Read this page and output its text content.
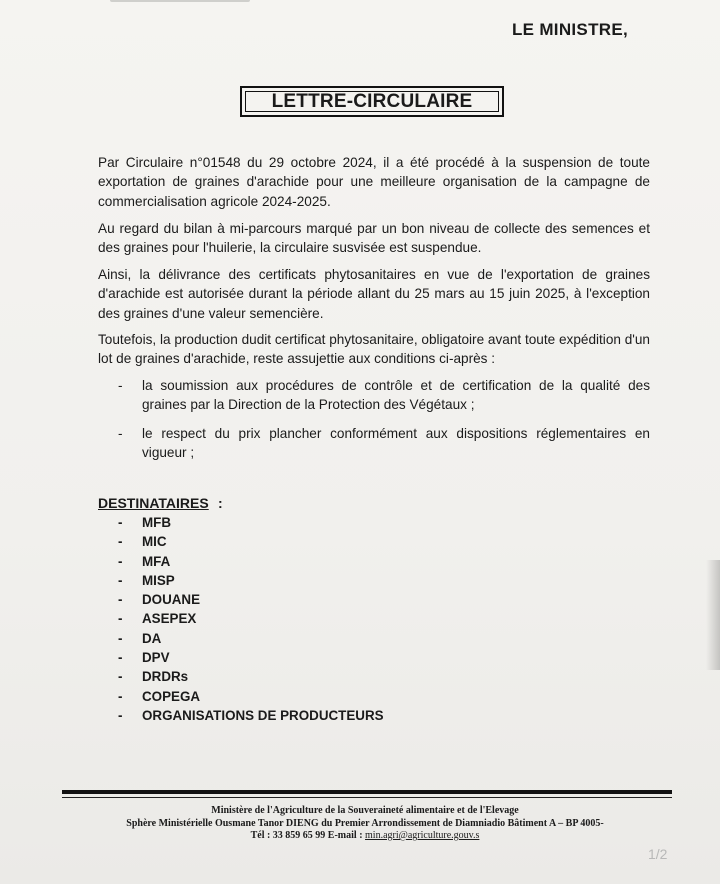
LE MINISTRE,
LETTRE-CIRCULAIRE

Par Circulaire n°01548 du 29 octobre 2024, il a été procédé à la suspension de toute exportation de graines d'arachide pour une meilleure organisation de la campagne de commercialisation agricole 2024-2025.

Au regard du bilan à mi-parcours marqué par un bon niveau de collecte des semences et des graines pour l'huilerie, la circulaire susvisée est suspendue.

Ainsi, la délivrance des certificats phytosanitaires en vue de l'exportation de graines d'arachide est autorisée durant la période allant du 25 mars au 15 juin 2025, à l'exception des graines d'une valeur semencière.

Toutefois, la production dudit certificat phytosanitaire, obligatoire avant toute expédition d'un lot de graines d'arachide, reste assujettie aux conditions ci-après :

- la soumission aux procédures de contrôle et de certification de la qualité des graines par la Direction de la Protection des Végétaux ;
- le respect du prix plancher conformément aux dispositions réglementaires en vigueur ;
DESTINATAIRES :
- MFB
- MIC
- MFA
- MISP
- DOUANE
- ASEPEX
- DA
- DPV
- DRDRs
- COPEGA
- ORGANISATIONS DE PRODUCTEURS
Ministère de l'Agriculture de la Souveraineté alimentaire et de l'Elevage
Sphère Ministérielle Ousmane Tanor DIENG du Premier Arrondissement de Diamniadio Bâtiment A – BP 4005-
Tél : 33 859 65 99 E-mail : min.agri@agriculture.gouv.s
1/2
